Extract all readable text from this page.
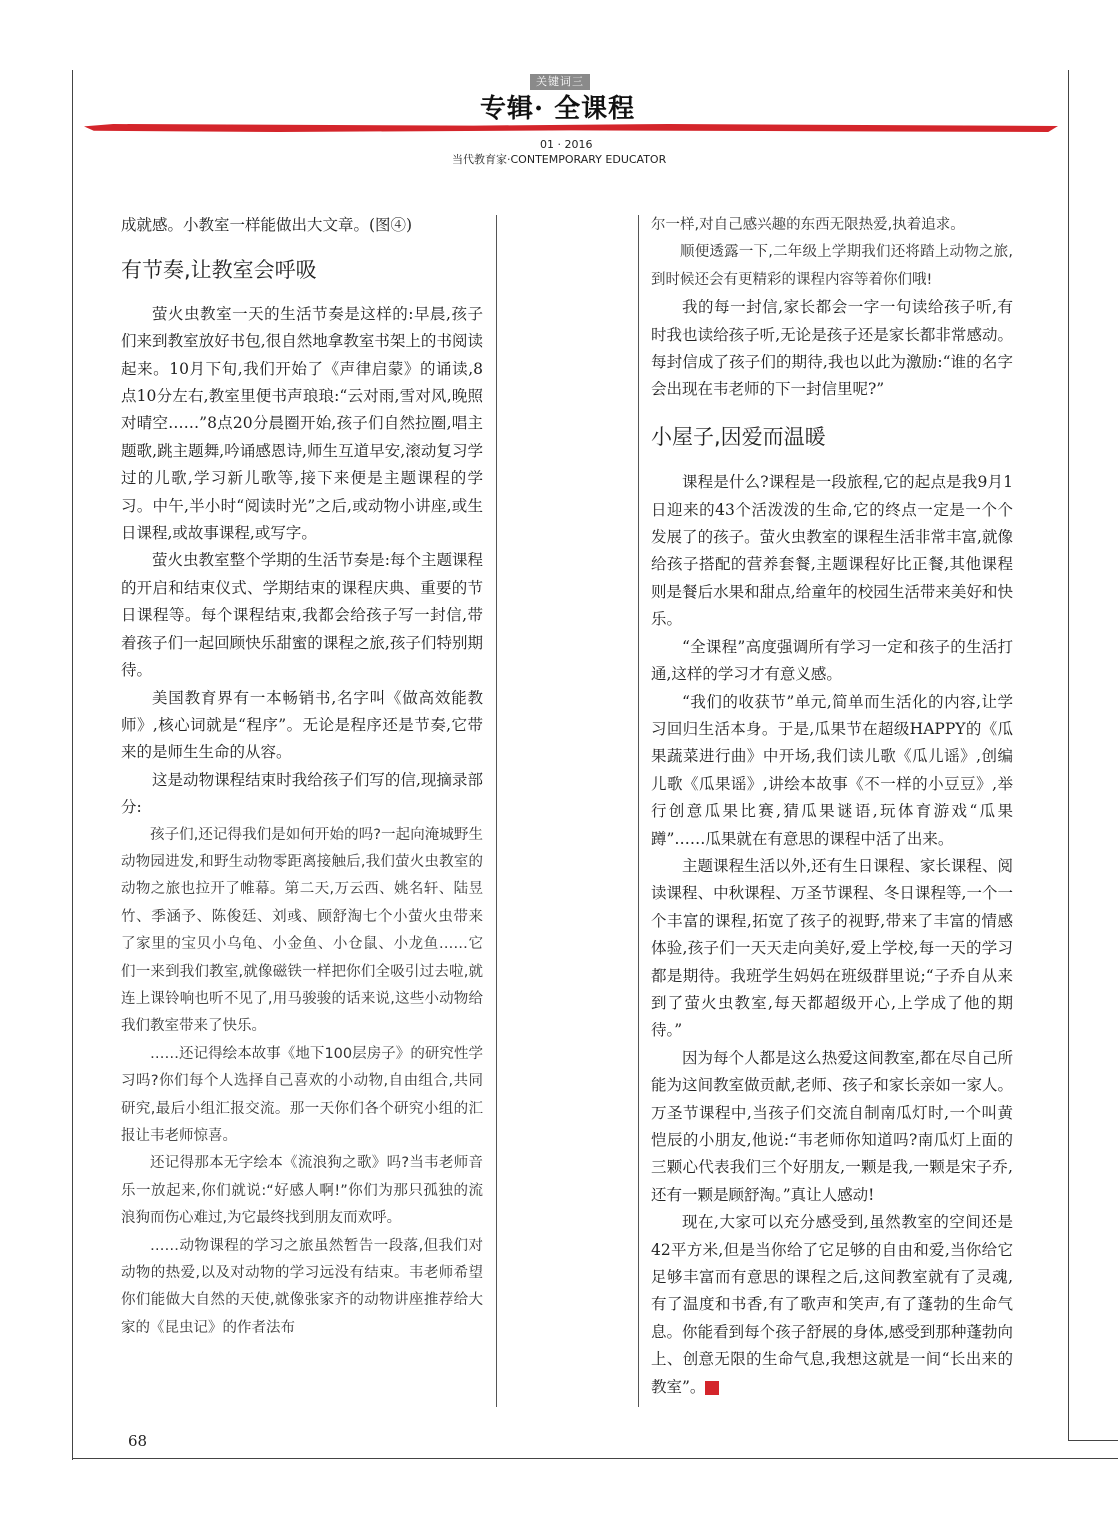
关键词三
专辑· 全课程
01 · 2016
当代教育家·CONTEMPORARY EDUCATOR

成就感。小教室一样能做出大文章。(图④)

有节奏,让教室会呼吸

萤火虫教室一天的生活节奏是这样的:早晨,孩子们来到教室放好书包,很自然地拿教室书架上的书阅读起来。10月下旬,我们开始了《声律启蒙》的诵读,8点10分左右,教室里便书声琅琅:“云对雨,雪对风,晚照对晴空……”8点20分晨圈开始,孩子们自然拉圈,唱主题歌,跳主题舞,吟诵感恩诗,师生互道早安,滚动复习学过的儿歌,学习新儿歌等,接下来便是主题课程的学习。中午,半小时“阅读时光”之后,或动物小讲座,或生日课程,或故事课程,或写字。

萤火虫教室整个学期的生活节奏是:每个主题课程的开启和结束仪式、学期结束的课程庆典、重要的节日课程等。每个课程结束,我都会给孩子写一封信,带着孩子们一起回顾快乐甜蜜的课程之旅,孩子们特别期待。

美国教育界有一本畅销书,名字叫《做高效能教师》,核心词就是“程序”。无论是程序还是节奏,它带来的是师生生命的从容。

这是动物课程结束时我给孩子们写的信,现摘录部分:

孩子们,还记得我们是如何开始的吗?一起向淹城野生动物园进发,和野生动物零距离接触后,我们萤火虫教室的动物之旅也拉开了帷幕。第二天,万云西、姚名轩、陆昱竹、季涵予、陈俊廷、刘彧、顾舒淘七个小萤火虫带来了家里的宝贝小乌龟、小金鱼、小仓鼠、小龙鱼……它们一来到我们教室,就像磁铁一样把你们全吸引过去啦,就连上课铃响也听不见了,用马骏骏的话来说,这些小动物给我们教室带来了快乐。

……还记得绘本故事《地下100层房子》的研究性学习吗?你们每个人选择自己喜欢的小动物,自由组合,共同研究,最后小组汇报交流。那一天你们各个研究小组的汇报让韦老师惊喜。

还记得那本无字绘本《流浪狗之歌》吗?当韦老师音乐一放起来,你们就说:“好感人啊!”你们为那只孤独的流浪狗而伤心难过,为它最终找到朋友而欢呼。

……动物课程的学习之旅虽然暂告一段落,但我们对动物的热爱,以及对动物的学习远没有结束。韦老师希望你们能做大自然的天使,就像张家齐的动物讲座推荐给大家的《昆虫记》的作者法布

尔一样,对自己感兴趣的东西无限热爱,执着追求。

顺便透露一下,二年级上学期我们还将踏上动物之旅,到时候还会有更精彩的课程内容等着你们哦!

我的每一封信,家长都会一字一句读给孩子听,有时我也读给孩子听,无论是孩子还是家长都非常感动。每封信成了孩子们的期待,我也以此为激励:“谁的名字会出现在韦老师的下一封信里呢?”

小屋子,因爱而温暖

课程是什么?课程是一段旅程,它的起点是我9月1日迎来的43个活泼泼的生命,它的终点一定是一个个发展了的孩子。萤火虫教室的课程生活非常丰富,就像给孩子搭配的营养套餐,主题课程好比正餐,其他课程则是餐后水果和甜点,给童年的校园生活带来美好和快乐。

“全课程”高度强调所有学习一定和孩子的生活打通,这样的学习才有意义感。

“我们的收获节”单元,简单而生活化的内容,让学习回归生活本身。于是,瓜果节在超级HAPPY的《瓜果蔬菜进行曲》中开场,我们读儿歌《瓜儿谣》,创编儿歌《瓜果谣》,讲绘本故事《不一样的小豆豆》,举行创意瓜果比赛,猜瓜果谜语,玩体育游戏“瓜果蹲”……瓜果就在有意思的课程中活了出来。

主题课程生活以外,还有生日课程、家长课程、阅读课程、中秋课程、万圣节课程、冬日课程等,一个一个丰富的课程,拓宽了孩子的视野,带来了丰富的情感体验,孩子们一天天走向美好,爱上学校,每一天的学习都是期待。我班学生妈妈在班级群里说;“子乔自从来到了萤火虫教室,每天都超级开心,上学成了他的期待。”

因为每个人都是这么热爱这间教室,都在尽自己所能为这间教室做贡献,老师、孩子和家长亲如一家人。万圣节课程中,当孩子们交流自制南瓜灯时,一个叫黄恺辰的小朋友,他说:“韦老师你知道吗?南瓜灯上面的三颗心代表我们三个好朋友,一颗是我,一颗是宋子乔,还有一颗是顾舒淘。”真让人感动!

现在,大家可以充分感受到,虽然教室的空间还是42平方米,但是当你给了它足够的自由和爱,当你给它足够丰富而有意思的课程之后,这间教室就有了灵魂,有了温度和书香,有了歌声和笑声,有了蓬勃的生命气息。你能看到每个孩子舒展的身体,感受到那种蓬勃向上、创意无限的生命气息,我想这就是一间“长出来的教室”。	家

68
